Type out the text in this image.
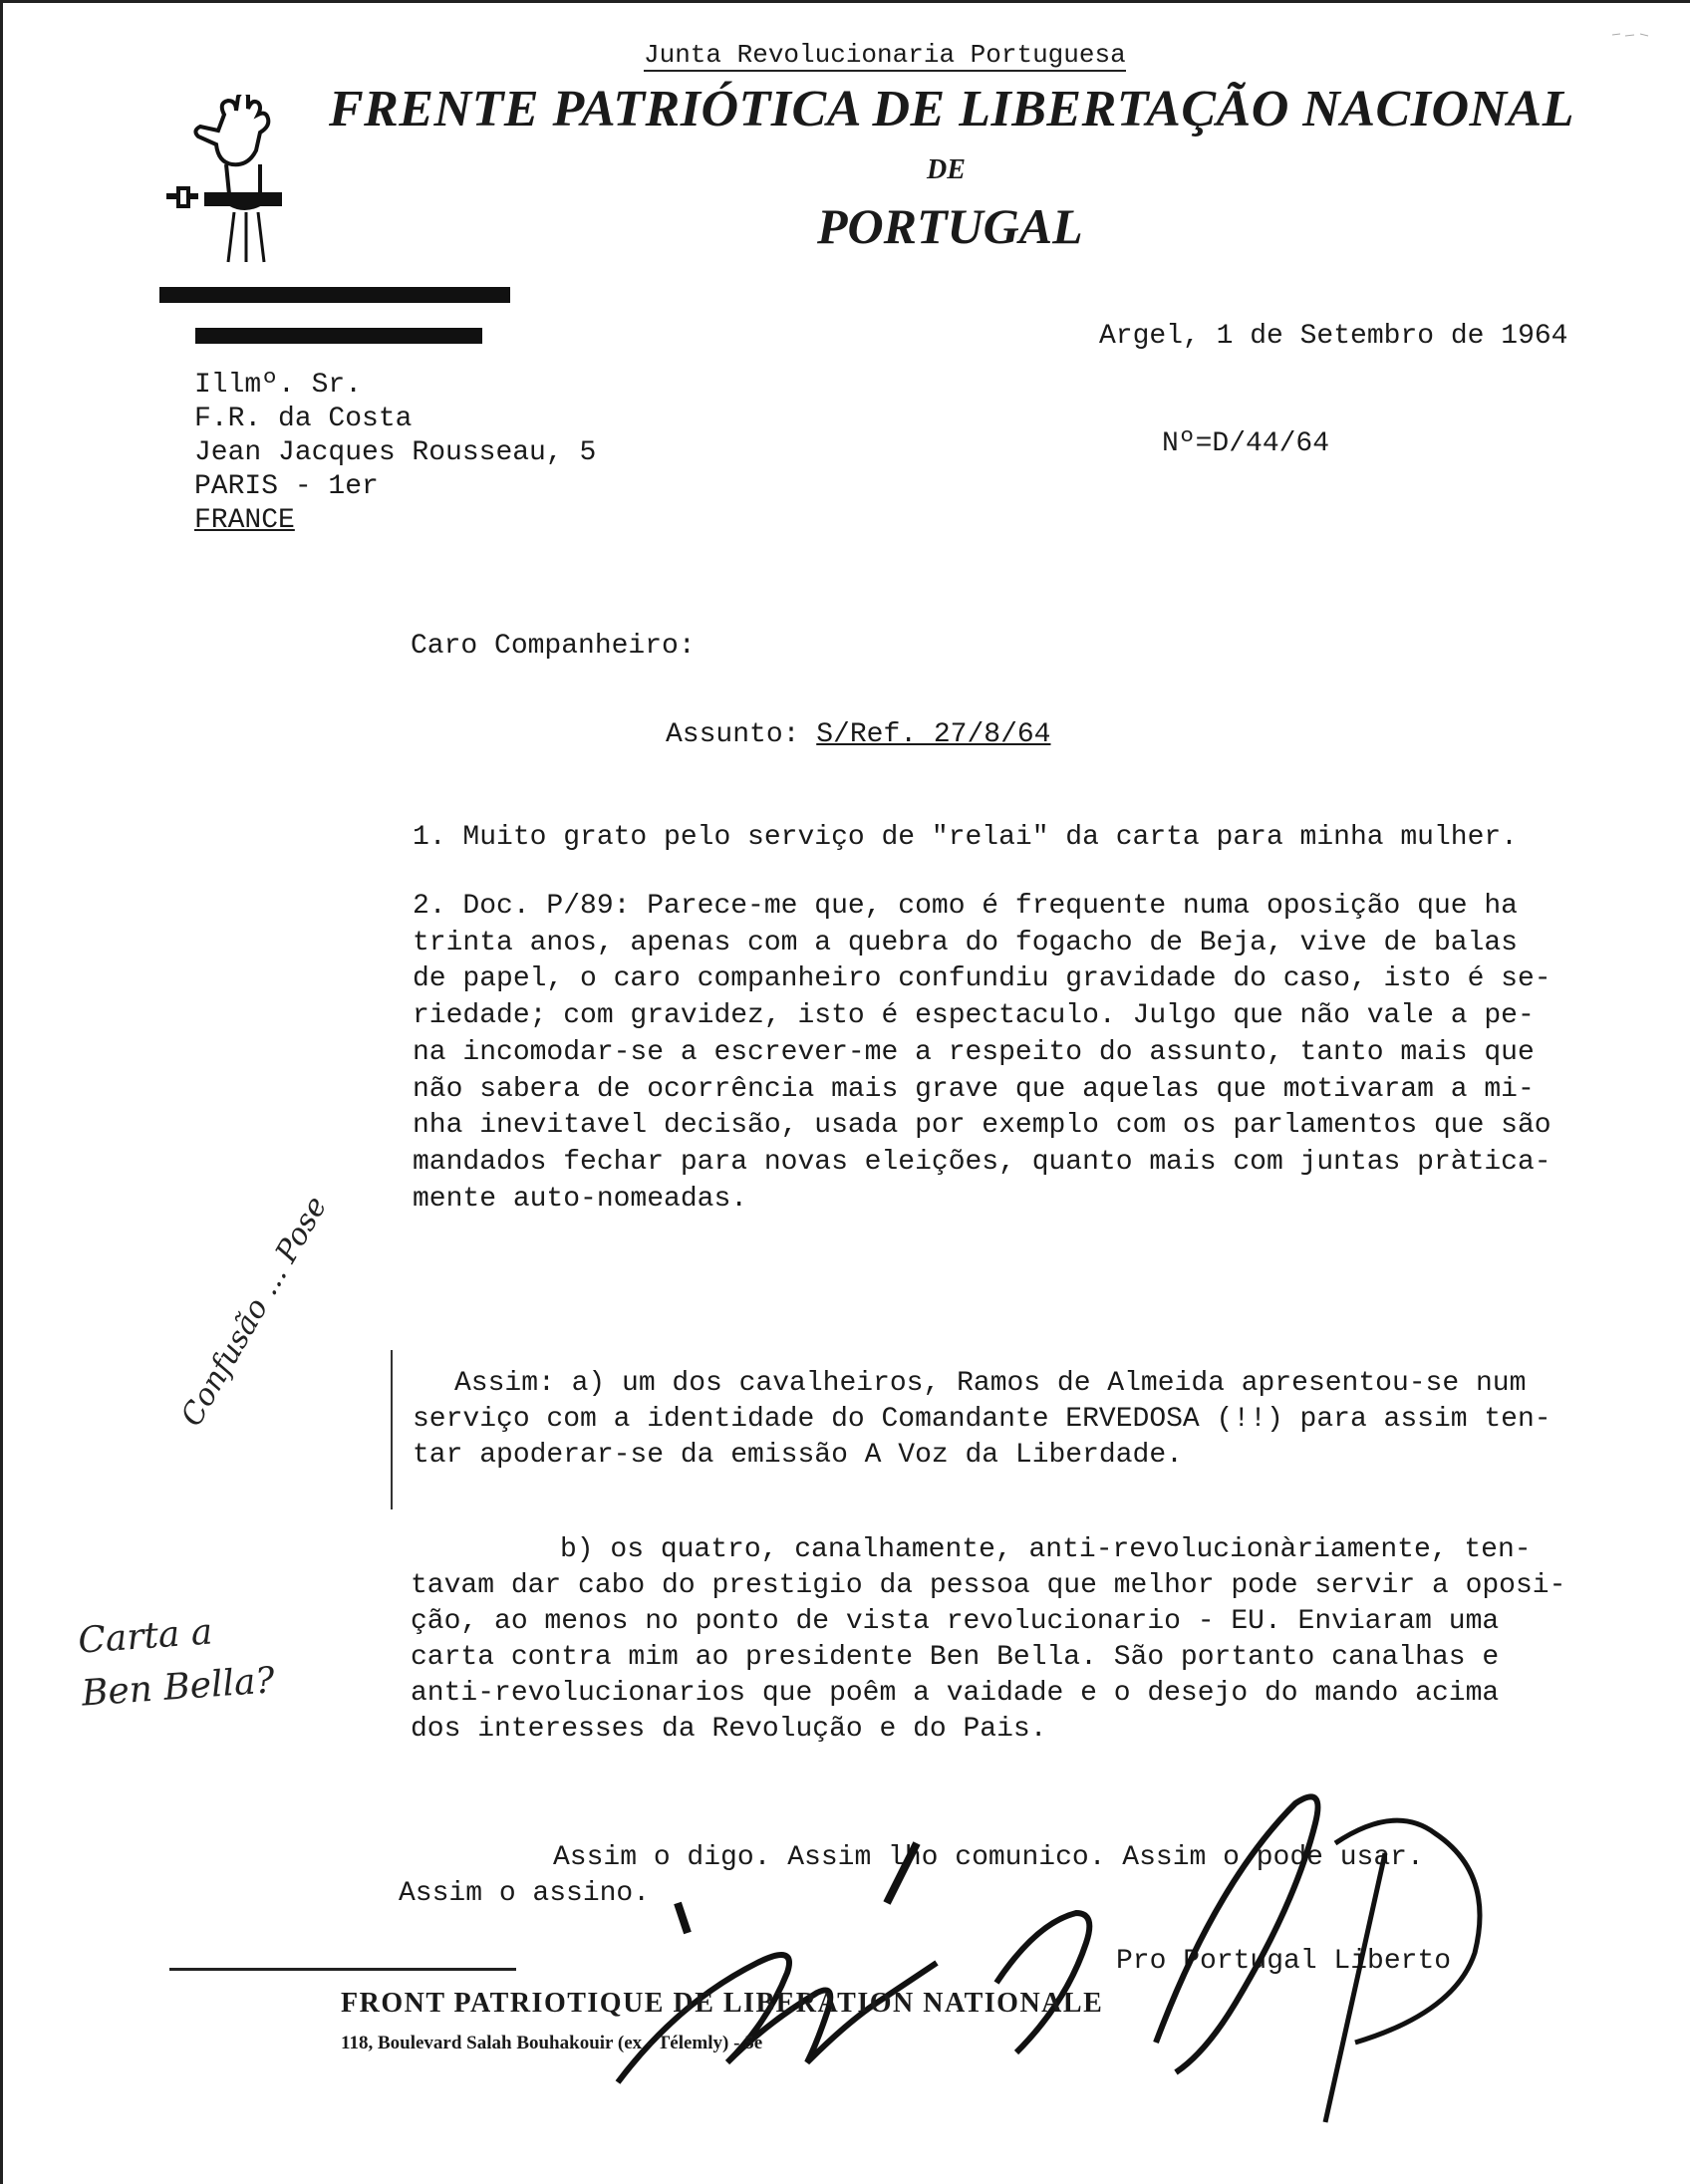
Junta Revolucionaria Portuguesa
FRENTE PATRIÓTICA DE LIBERTAÇÃO NACIONAL
DE
PORTUGAL
Argel, 1 de Setembro de 1964
Nº=D/44/64
Illmº. Sr.
F.R. da Costa
Jean Jacques Rousseau, 5
PARIS - 1er
FRANCE
Caro Companheiro:
Assunto: S/Ref. 27/8/64
1. Muito grato pelo serviço de "relai" da carta para minha mulher.
2. Doc. P/89: Parece-me que, como é frequente numa oposição que ha
trinta anos, apenas com a quebra do fogacho de Beja, vive de balas
de papel, o caro companheiro confundiu gravidade do caso, isto é se-
riedade; com gravidez, isto é espectaculo. Julgo que não vale a pe-
na incomodar-se a escrever-me a respeito do assunto, tanto mais que
não sabera de ocorrência mais grave que aquelas que motivaram a mi-
nha inevitavel decisão, usada por exemplo com os parlamentos que são
mandados fechar para novas eleições, quanto mais com juntas pràtica-
mente auto-nomeadas.
Assim: a) um dos cavalheiros, Ramos de Almeida apresentou-se num
serviço com a identidade do Comandante ERVEDOSA (!!) para assim ten-
tar apoderar-se da emissão A Voz da Liberdade.
b) os quatro, canalhamente, anti-revolucionàriamente, ten-
tavam dar cabo do prestigio da pessoa que melhor pode servir a oposi-
ção, ao menos no ponto de vista revolucionario - EU. Enviaram uma
carta contra mim ao presidente Ben Bella. São portanto canalhas e
anti-revolucionarios que poêm a vaidade e o desejo do mando acima
dos interesses da Revolução e do Pais.
Assim o digo. Assim lho comunico. Assim o pode usar.
Assim o assino.
Pro Portugal Liberto
Confusão ... Pose
Carta a
Ben Bella?
FRONT PATRIOTIQUE DE LIBERATION NATIONALE
118, Boulevard Salah Bouhakouir (ex - Télemly) - 5e
